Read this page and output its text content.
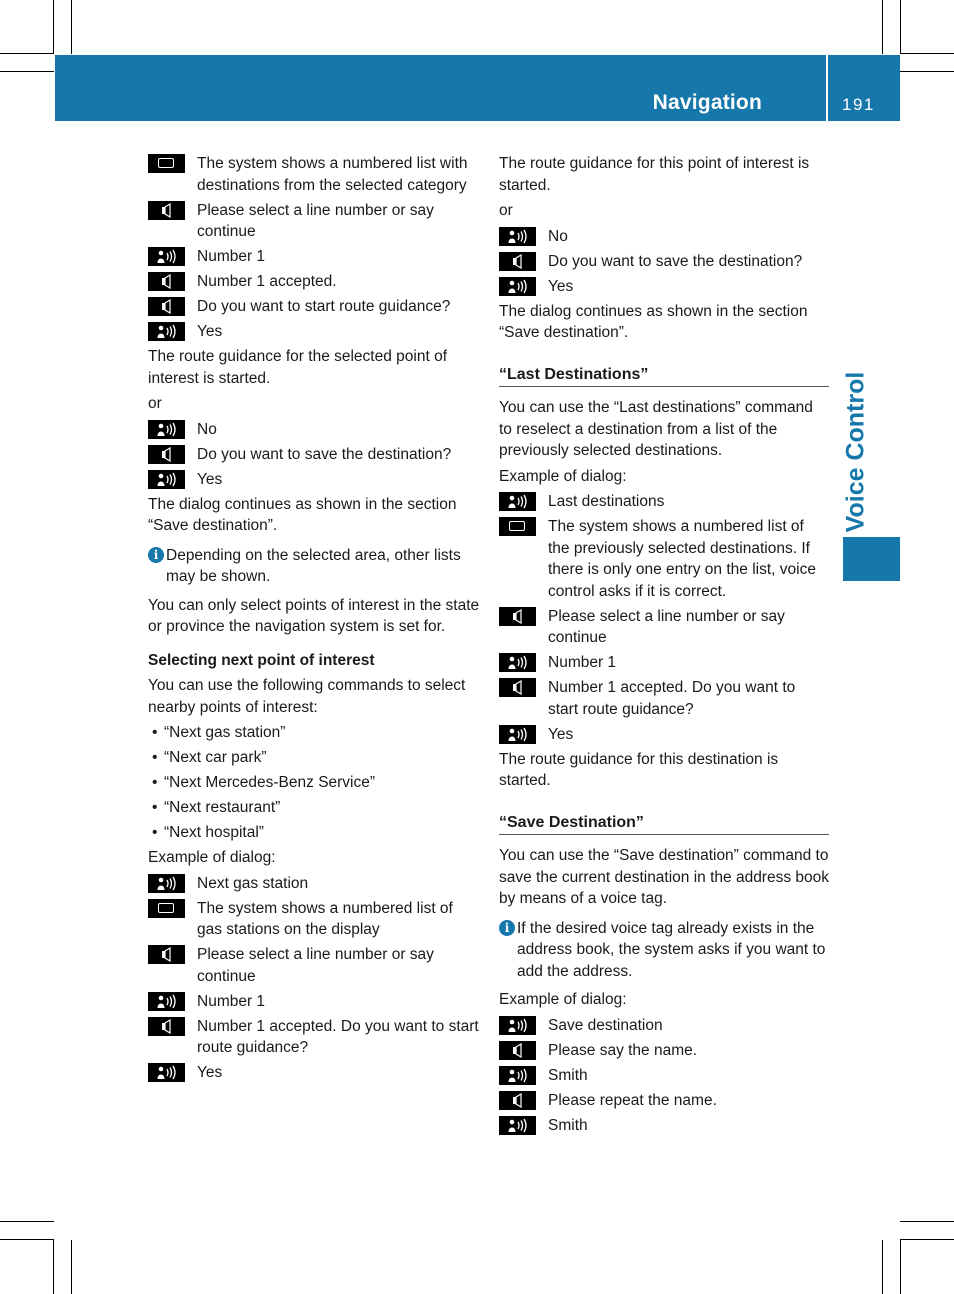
Navigation	191
Voice Control
The system shows a numbered list with destinations from the selected category
Please select a line number or say continue
Number 1
Number 1 accepted.
Do you want to start route guidance?
Yes

The route guidance for the selected point of interest is started.

or

No
Do you want to save the destination?
Yes

The dialog continues as shown in the section “Save destination”.

i Depending on the selected area, other lists may be shown.

You can only select points of interest in the state or province the navigation system is set for.

Selecting next point of interest

You can use the following commands to select nearby points of interest:

• “Next gas station”
• “Next car park”
• “Next Mercedes-Benz Service”
• “Next restaurant”
• “Next hospital”

Example of dialog:

Next gas station
The system shows a numbered list of gas stations on the display
Please select a line number or say continue
Number 1
Number 1 accepted. Do you want to start route guidance?
Yes

The route guidance for this point of interest is started.

or

No
Do you want to save the destination?
Yes

The dialog continues as shown in the section “Save destination”.

“Last Destinations”

You can use the “Last destinations” command to reselect a destination from a list of the previously selected destinations.

Example of dialog:

Last destinations
The system shows a numbered list of the previously selected destinations. If there is only one entry on the list, voice control asks if it is correct.
Please select a line number or say continue
Number 1
Number 1 accepted. Do you want to start route guidance?
Yes

The route guidance for this destination is started.

“Save Destination”

You can use the “Save destination” command to save the current destination in the address book by means of a voice tag.

i If the desired voice tag already exists in the address book, the system asks if you want to add the address.

Example of dialog:

Save destination
Please say the name.
Smith
Please repeat the name.
Smith
